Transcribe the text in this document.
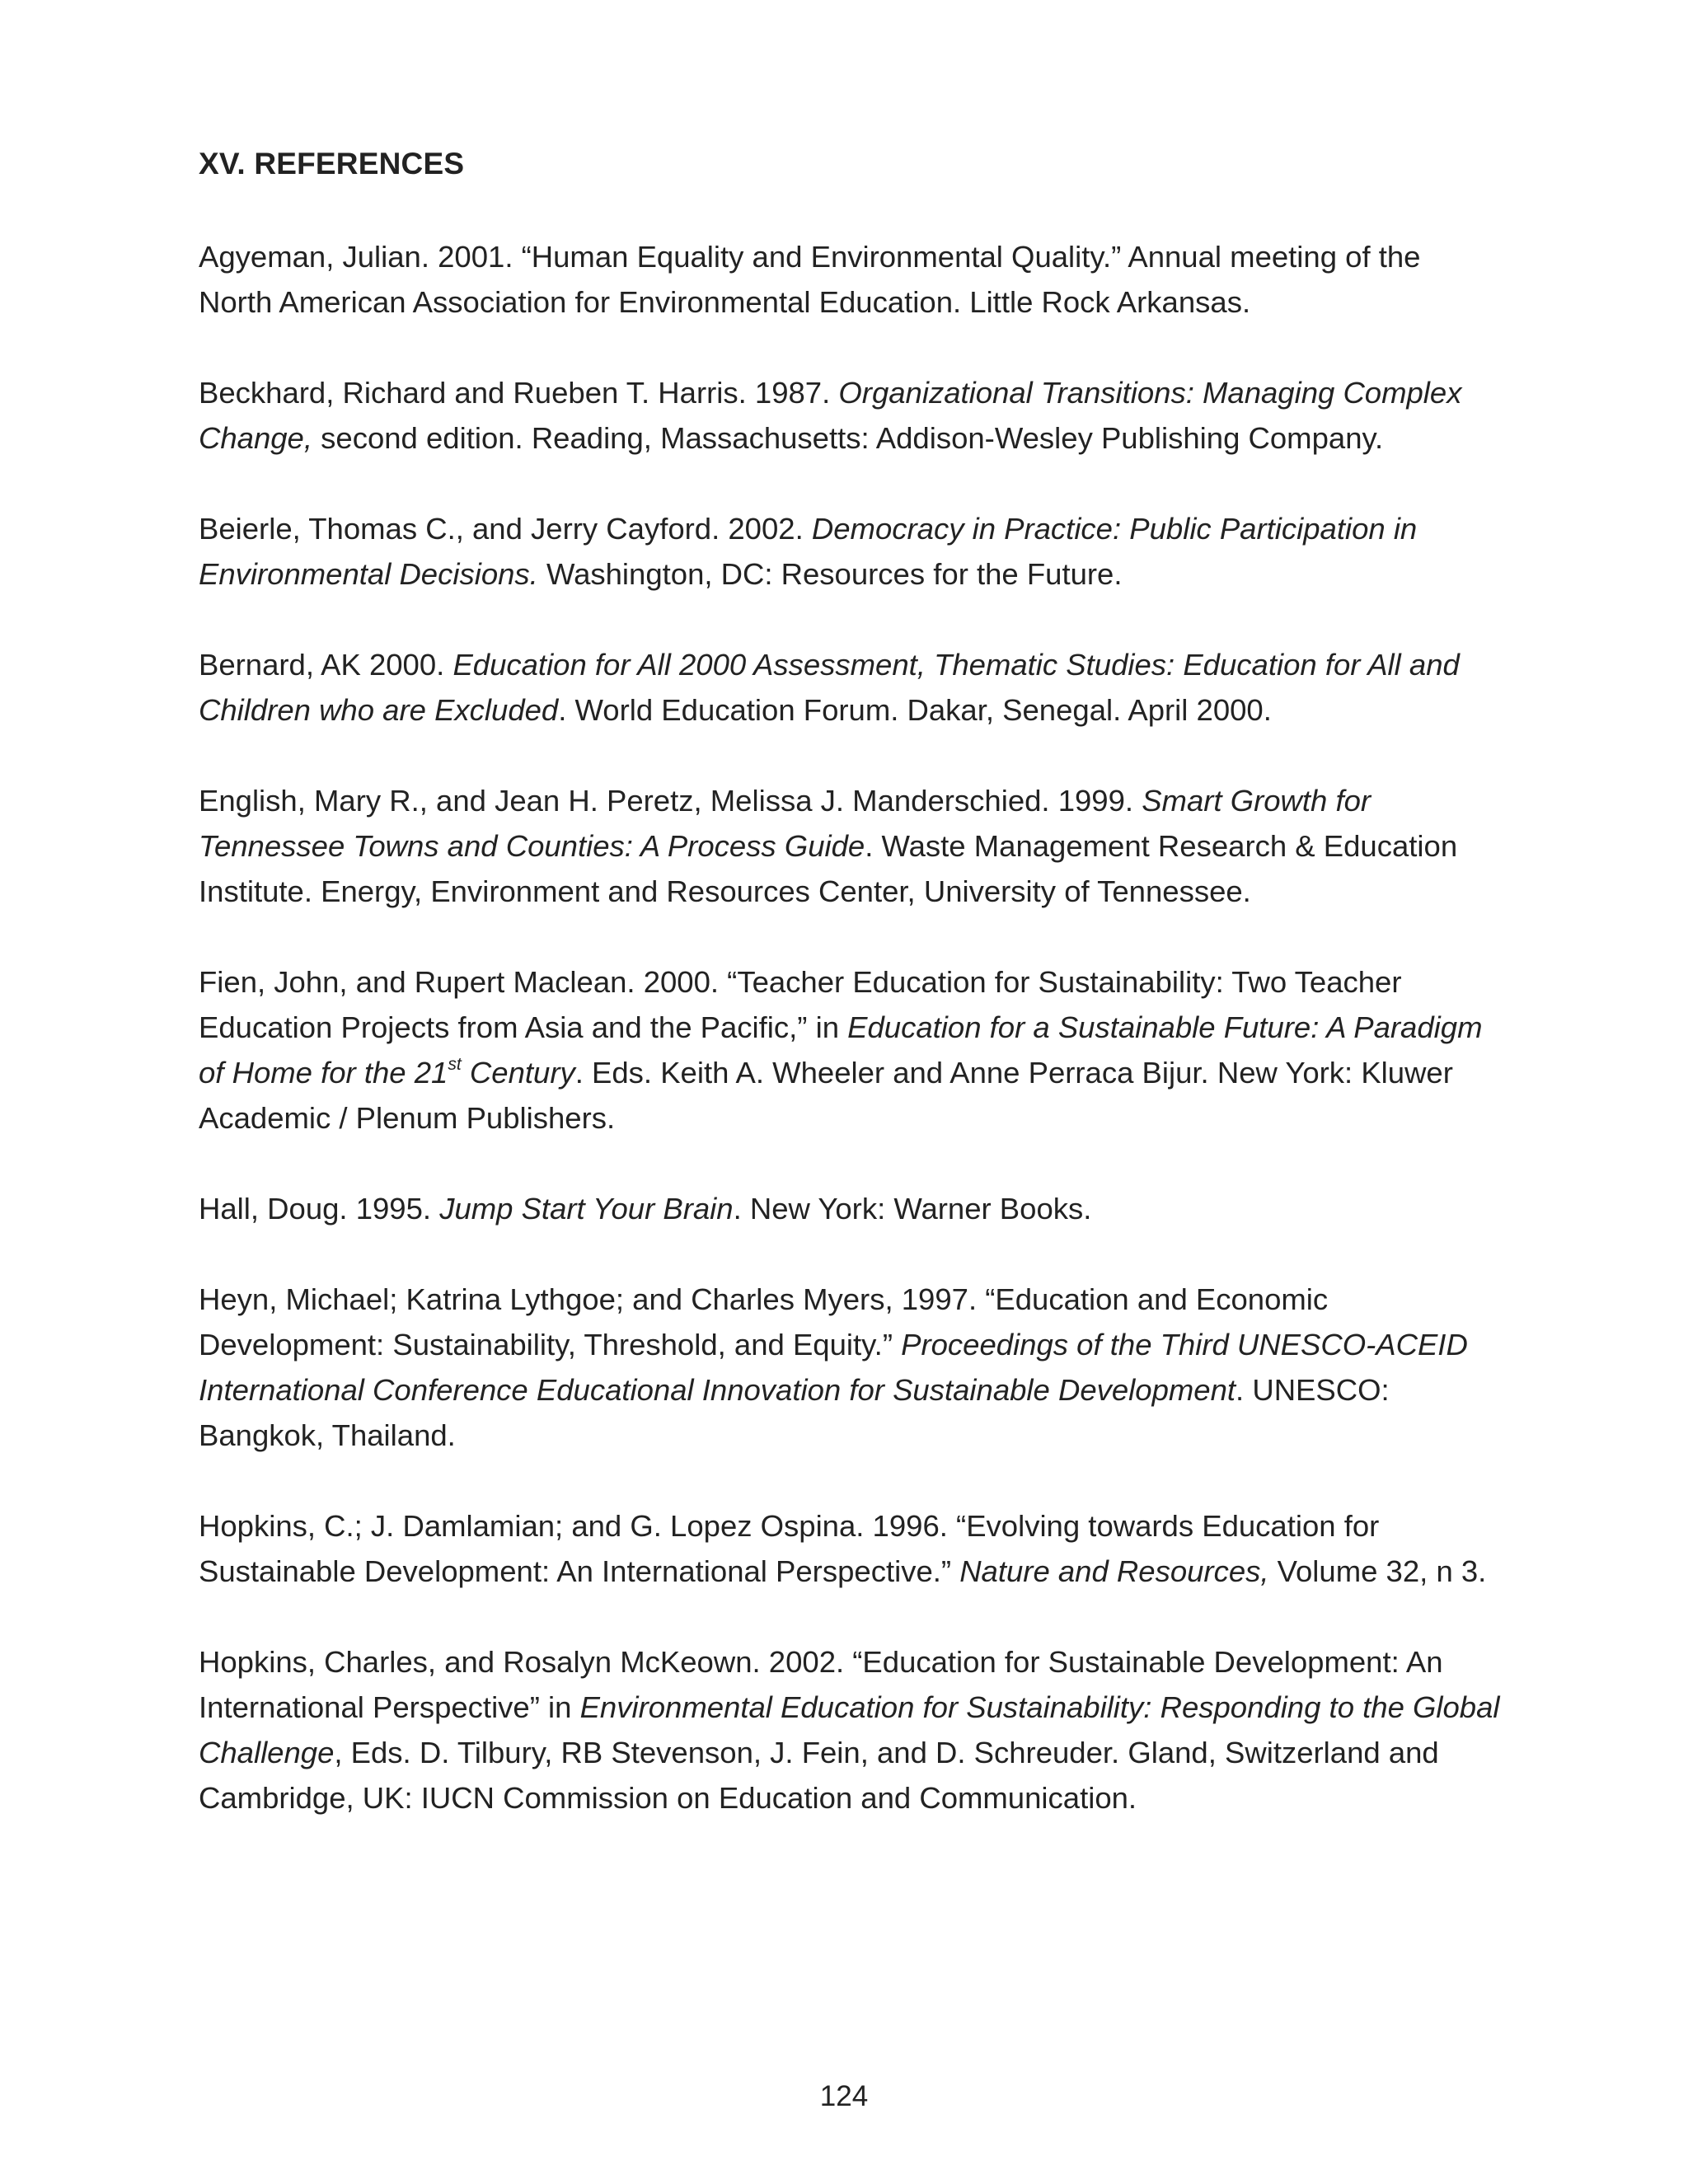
XV. REFERENCES
Agyeman, Julian. 2001. “Human Equality and Environmental Quality.” Annual meeting of the North American Association for Environmental Education. Little Rock Arkansas.
Beckhard, Richard and Rueben T. Harris. 1987. Organizational Transitions: Managing Complex Change, second edition. Reading, Massachusetts: Addison-Wesley Publishing Company.
Beierle, Thomas C., and Jerry Cayford. 2002. Democracy in Practice: Public Participation in Environmental Decisions. Washington, DC: Resources for the Future.
Bernard, AK 2000. Education for All 2000 Assessment, Thematic Studies: Education for All and Children who are Excluded. World Education Forum. Dakar, Senegal. April 2000.
English, Mary R., and Jean H. Peretz, Melissa J. Manderschied. 1999. Smart Growth for Tennessee Towns and Counties: A Process Guide. Waste Management Research & Education Institute. Energy, Environment and Resources Center, University of Tennessee.
Fien, John, and Rupert Maclean. 2000. “Teacher Education for Sustainability: Two Teacher Education Projects from Asia and the Pacific,” in Education for a Sustainable Future: A Paradigm of Home for the 21st Century. Eds. Keith A. Wheeler and Anne Perraca Bijur. New York: Kluwer Academic / Plenum Publishers.
Hall, Doug. 1995. Jump Start Your Brain. New York: Warner Books.
Heyn, Michael; Katrina Lythgoe; and Charles Myers, 1997. “Education and Economic Development: Sustainability, Threshold, and Equity.” Proceedings of the Third UNESCO-ACEID International Conference Educational Innovation for Sustainable Development. UNESCO: Bangkok, Thailand.
Hopkins, C.; J. Damlamian; and G. Lopez Ospina. 1996. “Evolving towards Education for Sustainable Development: An International Perspective.” Nature and Resources, Volume 32, n 3.
Hopkins, Charles, and Rosalyn McKeown. 2002. “Education for Sustainable Development: An International Perspective” in Environmental Education for Sustainability: Responding to the Global Challenge, Eds. D. Tilbury, RB Stevenson, J. Fein, and D. Schreuder. Gland, Switzerland and Cambridge, UK: IUCN Commission on Education and Communication.
124
